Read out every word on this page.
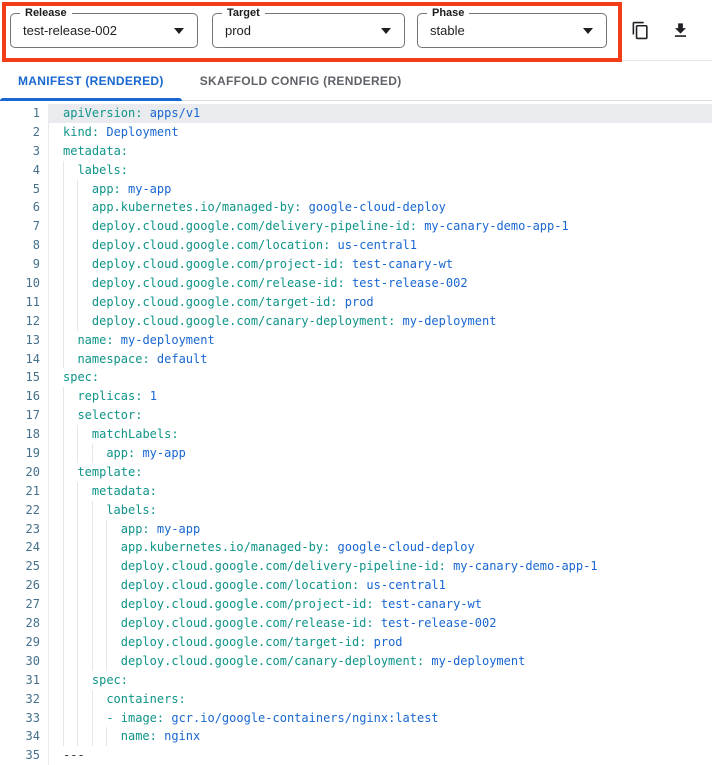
Release
test-release-002
Target
prod
Phase
stable
MANIFEST (RENDERED)	SKAFFOLD CONFIG (RENDERED)
1	apiVersion: apps/v1
2	kind: Deployment
3	metadata:
4	labels:
5	app: my-app
6	app.kubernetes.io/managed-by: google-cloud-deploy
7	deploy.cloud.google.com/delivery-pipeline-id: my-canary-demo-app-1
8	deploy.cloud.google.com/location: us-central1
9	deploy.cloud.google.com/project-id: test-canary-wt
10	deploy.cloud.google.com/release-id: test-release-002
11	deploy.cloud.google.com/target-id: prod
12	deploy.cloud.google.com/canary-deployment: my-deployment
13	name: my-deployment
14	namespace: default
15	spec:
16	replicas: 1
17	selector:
18	matchLabels:
19	app: my-app
20	template:
21	metadata:
22	labels:
23	app: my-app
24	app.kubernetes.io/managed-by: google-cloud-deploy
25	deploy.cloud.google.com/delivery-pipeline-id: my-canary-demo-app-1
26	deploy.cloud.google.com/location: us-central1
27	deploy.cloud.google.com/project-id: test-canary-wt
28	deploy.cloud.google.com/release-id: test-release-002
29	deploy.cloud.google.com/target-id: prod
30	deploy.cloud.google.com/canary-deployment: my-deployment
31	spec:
32	containers:
33	- image: gcr.io/google-containers/nginx:latest
34	name: nginx
35	---
